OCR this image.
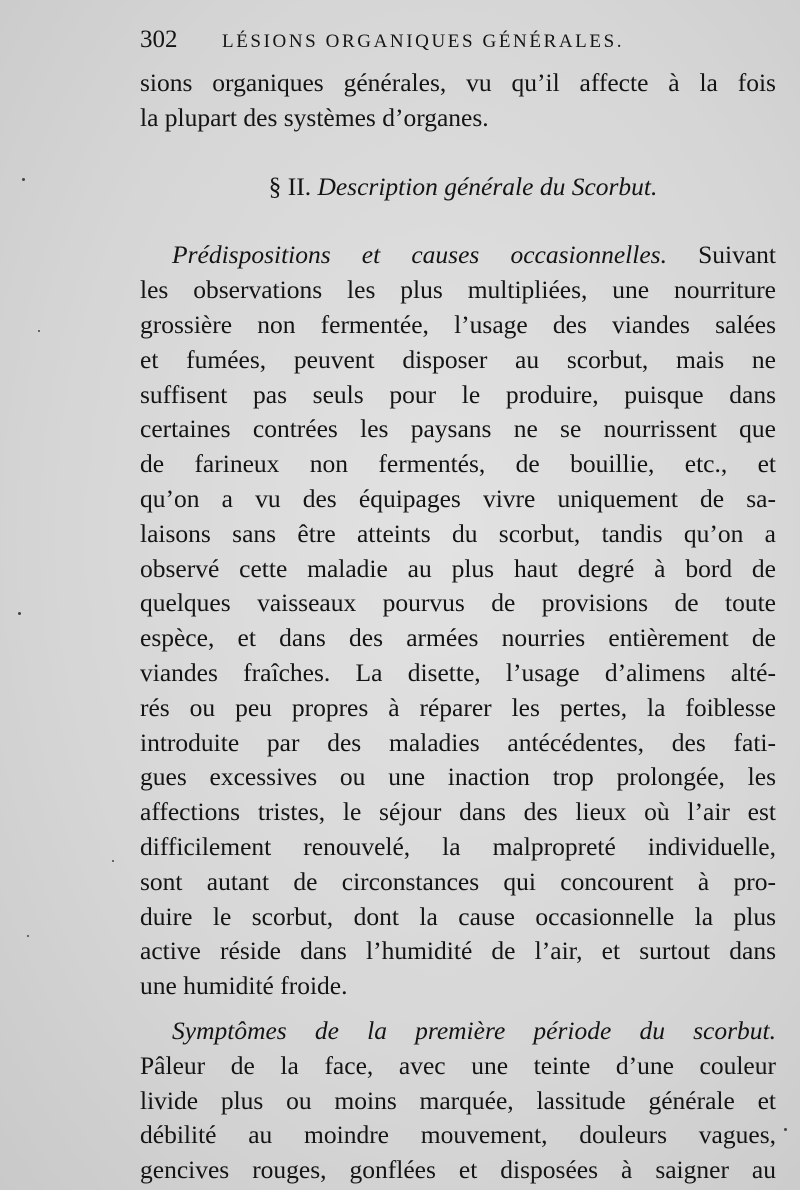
302	LÉSIONS ORGANIQUES GÉNÉRALES.
sions organiques générales, vu qu’il affecte à la fois
la plupart des systèmes d’organes.
§ II. Description générale du Scorbut.
Prédispositions et causes occasionnelles. Suivant
les observations les plus multipliées, une nourriture
grossière non fermentée, l’usage des viandes salées
et fumées, peuvent disposer au scorbut, mais ne
suffisent pas seuls pour le produire, puisque dans
certaines contrées les paysans ne se nourrissent que
de farineux non fermentés, de bouillie, etc., et
qu’on a vu des équipages vivre uniquement de sa-
laisons sans être atteints du scorbut, tandis qu’on a
observé cette maladie au plus haut degré à bord de
quelques vaisseaux pourvus de provisions de toute
espèce, et dans des armées nourries entièrement de
viandes fraîches. La disette, l’usage d’alimens alté-
rés ou peu propres à réparer les pertes, la foiblesse
introduite par des maladies antécédentes, des fati-
gues excessives ou une inaction trop prolongée, les
affections tristes, le séjour dans des lieux où l’air est
difficilement renouvelé, la malpropreté individuelle,
sont autant de circonstances qui concourent à pro-
duire le scorbut, dont la cause occasionnelle la plus
active réside dans l’humidité de l’air, et surtout dans
une humidité froide.
Symptômes de la première période du scorbut.
Pâleur de la face, avec une teinte d’une couleur
livide plus ou moins marquée, lassitude générale et
débilité au moindre mouvement, douleurs vagues,
gencives rouges, gonflées et disposées à saigner au
